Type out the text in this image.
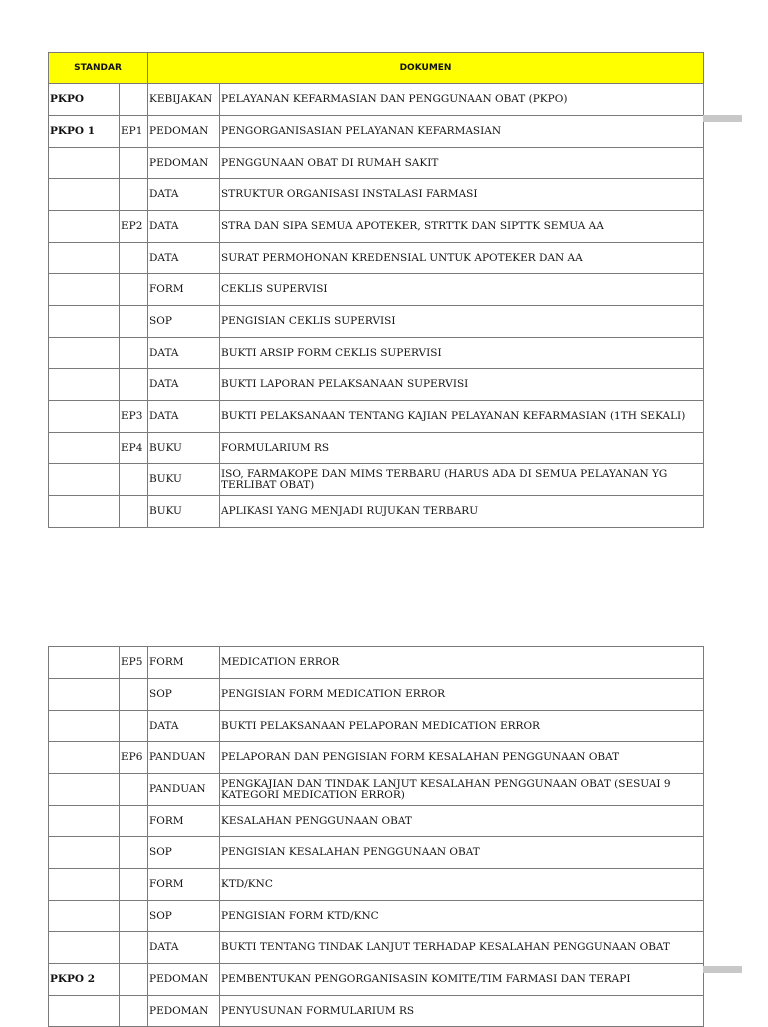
STANDAR		DOKUMEN	
PKPO		KEBIJAKAN	PELAYANAN KEFARMASIAN DAN PENGGUNAAN OBAT (PKPO)
PKPO 1	EP1	PEDOMAN	PENGORGANISASIAN PELAYANAN KEFARMASIAN
		PEDOMAN	PENGGUNAAN OBAT DI RUMAH SAKIT
		DATA	STRUKTUR ORGANISASI INSTALASI FARMASI
	EP2	DATA	STRA DAN SIPA SEMUA APOTEKER, STRTTK DAN SIPTTK SEMUA AA
		DATA	SURAT PERMOHONAN KREDENSIAL UNTUK APOTEKER DAN AA
		FORM	CEKLIS SUPERVISI
		SOP	PENGISIAN CEKLIS SUPERVISI
		DATA	BUKTI ARSIP FORM CEKLIS SUPERVISI
		DATA	BUKTI LAPORAN PELAKSANAAN SUPERVISI
	EP3	DATA	BUKTI PELAKSANAAN TENTANG KAJIAN PELAYANAN KEFARMASIAN (1TH SEKALI)
	EP4	BUKU	FORMULARIUM RS
		BUKU	ISO, FARMAKOPE DAN MIMS TERBARU (HARUS ADA DI SEMUA PELAYANAN YG TERLIBAT OBAT)
		BUKU	APLIKASI YANG MENJADI RUJUKAN TERBARU
	EP5	FORM	MEDICATION ERROR
		SOP	PENGISIAN FORM MEDICATION ERROR
		DATA	BUKTI PELAKSANAAN PELAPORAN MEDICATION ERROR
	EP6	PANDUAN	PELAPORAN DAN PENGISIAN FORM KESALAHAN PENGGUNAAN OBAT
		PANDUAN	PENGKAJIAN DAN TINDAK LANJUT KESALAHAN PENGGUNAAN OBAT (SESUAI 9 KATEGORI MEDICATION ERROR)
		FORM	KESALAHAN PENGGUNAAN OBAT
		SOP	PENGISIAN KESALAHAN PENGGUNAAN OBAT
		FORM	KTD/KNC
		SOP	PENGISIAN FORM KTD/KNC
		DATA	BUKTI TENTANG TINDAK LANJUT TERHADAP KESALAHAN PENGGUNAAN OBAT
PKPO 2		PEDOMAN	PEMBENTUKAN PENGORGANISASIN KOMITE/TIM FARMASI DAN TERAPI
		PEDOMAN	PENYUSUNAN FORMULARIUM RS
